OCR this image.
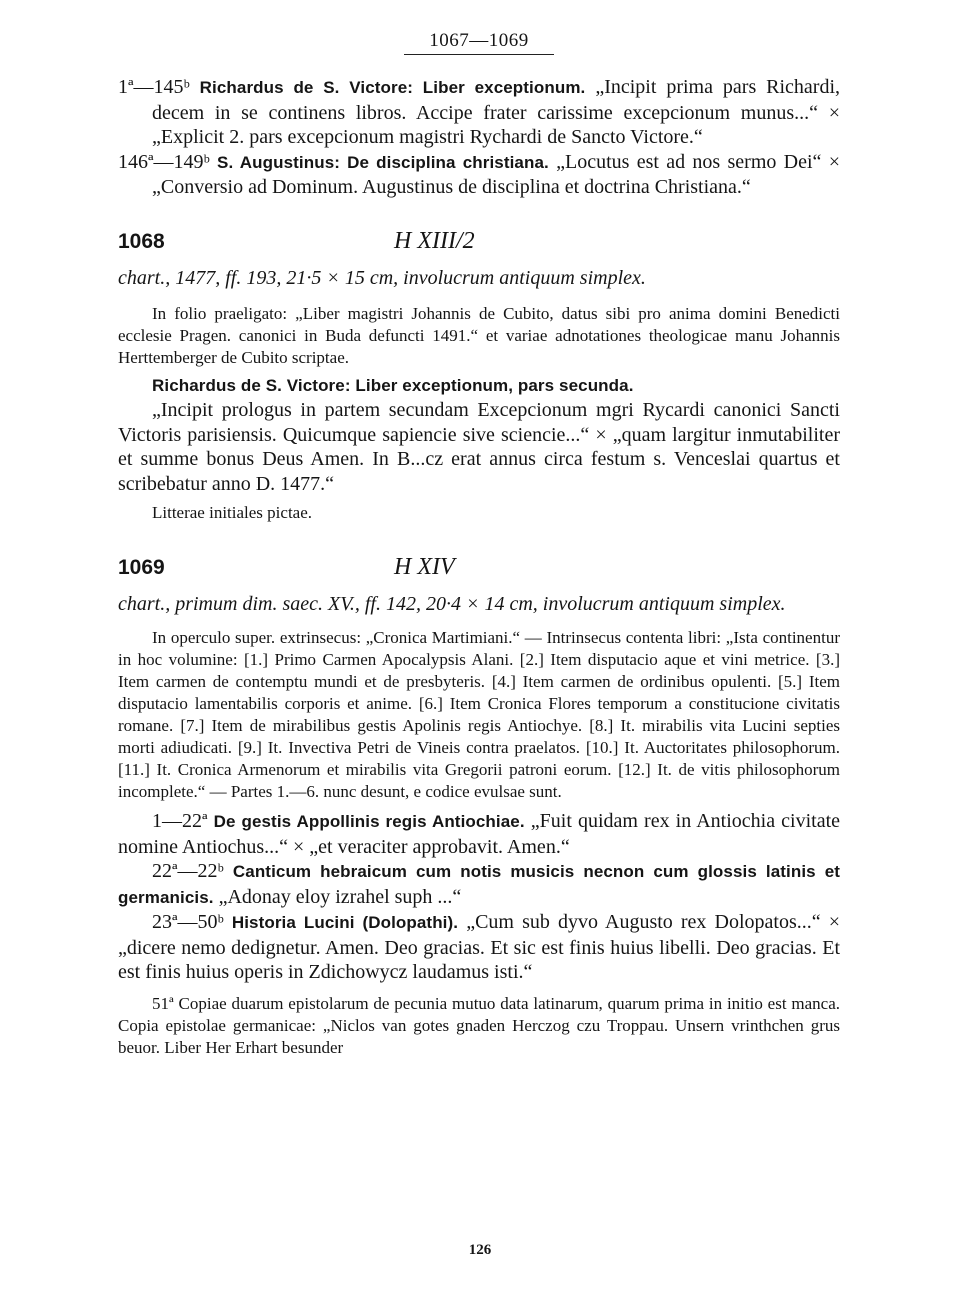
1067—1069

1ª—145ᵇ Richardus de S. Victore: Liber exceptionum. „Incipit prima pars Richardi, decem in se continens libros. Accipe frater carissime excepcionum munus...“ × „Explicit 2. pars excepcionum magistri Rychardi de Sancto Victore.“

146ª—149ᵇ S. Augustinus: De disciplina christiana. „Locutus est ad nos sermo Dei“ × „Conversio ad Dominum. Augustinus de disciplina et doctrina Christiana.“

1068	H XIII/2

chart., 1477, ff. 193, 21·5 × 15 cm, involucrum antiquum simplex.

In folio praeligato: „Liber magistri Johannis de Cubito, datus sibi pro anima domini Benedicti ecclesie Pragen. canonici in Buda defuncti 1491.“ et variae adnotationes theologicae manu Johannis Herttemberger de Cubito scriptae.

Richardus de S. Victore: Liber exceptionum, pars secunda.

„Incipit prologus in partem secundam Excepcionum mgri Rycardi canonici Sancti Victoris parisiensis. Quicumque sapiencie sive sciencie...“ × „quam largitur inmutabiliter et summe bonus Deus Amen. In B...cz erat annus circa festum s. Venceslai quartus et scribebatur anno D. 1477.“

Litterae initiales pictae.

1069	H XIV

chart., primum dim. saec. XV., ff. 142, 20·4 × 14 cm, involucrum antiquum simplex.

In operculo super. extrinsecus: „Cronica Martimiani.“ — Intrinsecus contenta libri: „Ista continentur in hoc volumine: [1.] Primo Carmen Apocalypsis Alani. [2.] Item disputacio aque et vini metrice. [3.] Item carmen de contemptu mundi et de presbyteris. [4.] Item carmen de ordinibus opulenti. [5.] Item disputacio lamentabilis corporis et anime. [6.] Item Cronica Flores temporum a constitucione civitatis romane. [7.] Item de mirabilibus gestis Apolinis regis Antiochye. [8.] It. mirabilis vita Lucini septies morti adiudicati. [9.] It. Invectiva Petri de Vineis contra praelatos. [10.] It. Auctoritates philosophorum. [11.] It. Cronica Armenorum et mirabilis vita Gregorii patroni eorum. [12.] It. de vitis philosophorum incomplete.“ — Partes 1.—6. nunc desunt, e codice evulsae sunt.

1—22ª De gestis Appollinis regis Antiochiae. „Fuit quidam rex in Antiochia civitate nomine Antiochus...“ × „et veraciter approbavit. Amen.“

22ª—22ᵇ Canticum hebraicum cum notis musicis necnon cum glossis latinis et germanicis. „Adonay eloy izrahel suph ...“

23ª—50ᵇ Historia Lucini (Dolopathi). „Cum sub dyvo Augusto rex Dolopatos...“ × „dicere nemo dedignetur. Amen. Deo gracias. Et sic est finis huius libelli. Deo gracias. Et est finis huius operis in Zdichowycz laudamus isti.“

51ª Copiae duarum epistolarum de pecunia mutuo data latinarum, quarum prima in initio est manca. Copia epistolae germanicae: „Niclos van gotes gnaden Herczog czu Troppau. Unsern vrinthchen grus beuor. Liber Her Erhart besunder

126
